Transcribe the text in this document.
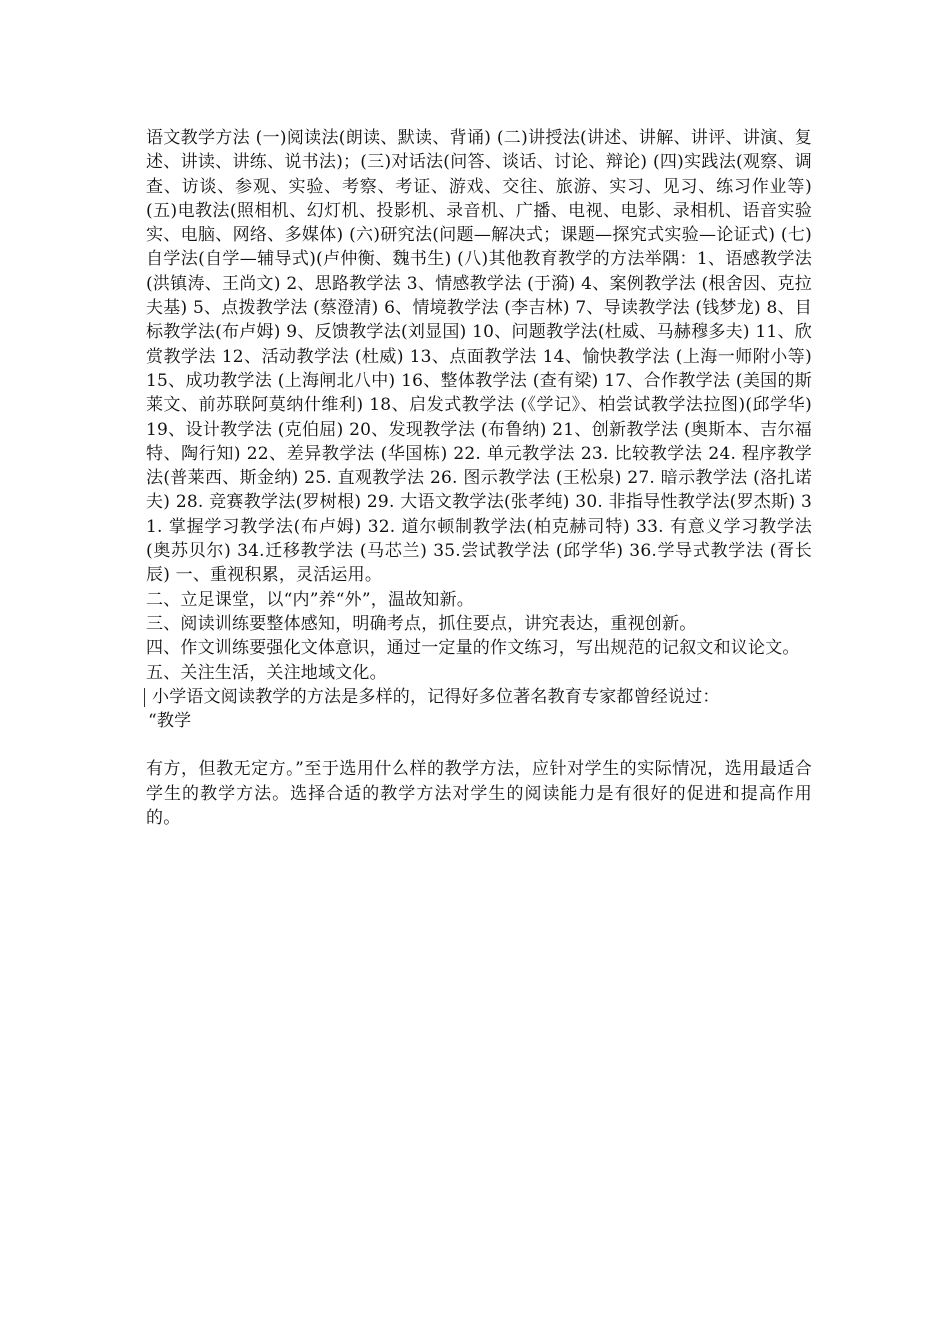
语文教学方法 (一)阅读法(朗读、默读、背诵) (二)讲授法(讲述、讲解、讲评、讲演、复述、讲读、讲练、说书法)；(三)对话法(问答、谈话、讨论、辩论) (四)实践法(观察、调查、访谈、参观、实验、考察、考证、游戏、交往、旅游、实习、见习、练习作业等) (五)电教法(照相机、幻灯机、投影机、录音机、广播、电视、电影、录相机、语音实验实、电脑、网络、多媒体) (六)研究法(问题—解决式；课题—探究式实验—论证式) (七)自学法(自学—辅导式)(卢仲衡、魏书生) (八)其他教育教学的方法举隅：1、语感教学法 (洪镇涛、王尚文) 2、思路教学法 3、情感教学法 (于漪) 4、案例教学法 (根舍因、克拉夫基) 5、点拨教学法 (蔡澄清) 6、情境教学法 (李吉林) 7、导读教学法 (钱梦龙) 8、目标教学法(布卢姆) 9、反馈教学法(刘显国) 10、问题教学法(杜威、马赫穆多夫) 11、欣赏教学法 12、活动教学法 (杜威) 13、点面教学法 14、愉快教学法 (上海一师附小等) 15、成功教学法 (上海闸北八中) 16、整体教学法 (查有梁) 17、合作教学法 (美国的斯莱文、前苏联阿莫纳什维利) 18、启发式教学法 (《学记》、柏尝试教学法拉图)(邱学华) 19、设计教学法 (克伯屈) 20、发现教学法 (布鲁纳) 21、创新教学法 (奥斯本、吉尔福特、陶行知) 22、差异教学法 (华国栋) 22. 单元教学法 23. 比较教学法 24. 程序教学法(普莱西、斯金纳) 25. 直观教学法 26. 图示教学法 (王松泉) 27. 暗示教学法 (洛扎诺夫) 28. 竞赛教学法(罗树根) 29. 大语文教学法(张孝纯) 30. 非指导性教学法(罗杰斯) 31. 掌握学习教学法(布卢姆) 32. 道尔顿制教学法(柏克赫司特) 33. 有意义学习教学法(奥苏贝尔) 34.迁移教学法 (马芯兰) 35.尝试教学法 (邱学华) 36.学导式教学法 (胥长辰) 一、重视积累，灵活运用。

二、立足课堂，以“内”养“外”，温故知新。

三、阅读训练要整体感知，明确考点，抓住要点，讲究表达，重视创新。

四、作文训练要强化文体意识，通过一定量的作文练习，写出规范的记叙文和议论文。

五、关注生活，关注地域文化。

小学语文阅读教学的方法是多样的，记得好多位著名教育专家都曾经说过：

“教学

有方，但教无定方。”至于选用什么样的教学方法，应针对学生的实际情况，选用最适合学生的教学方法。选择合适的教学方法对学生的阅读能力是有很好的促进和提高作用的。
